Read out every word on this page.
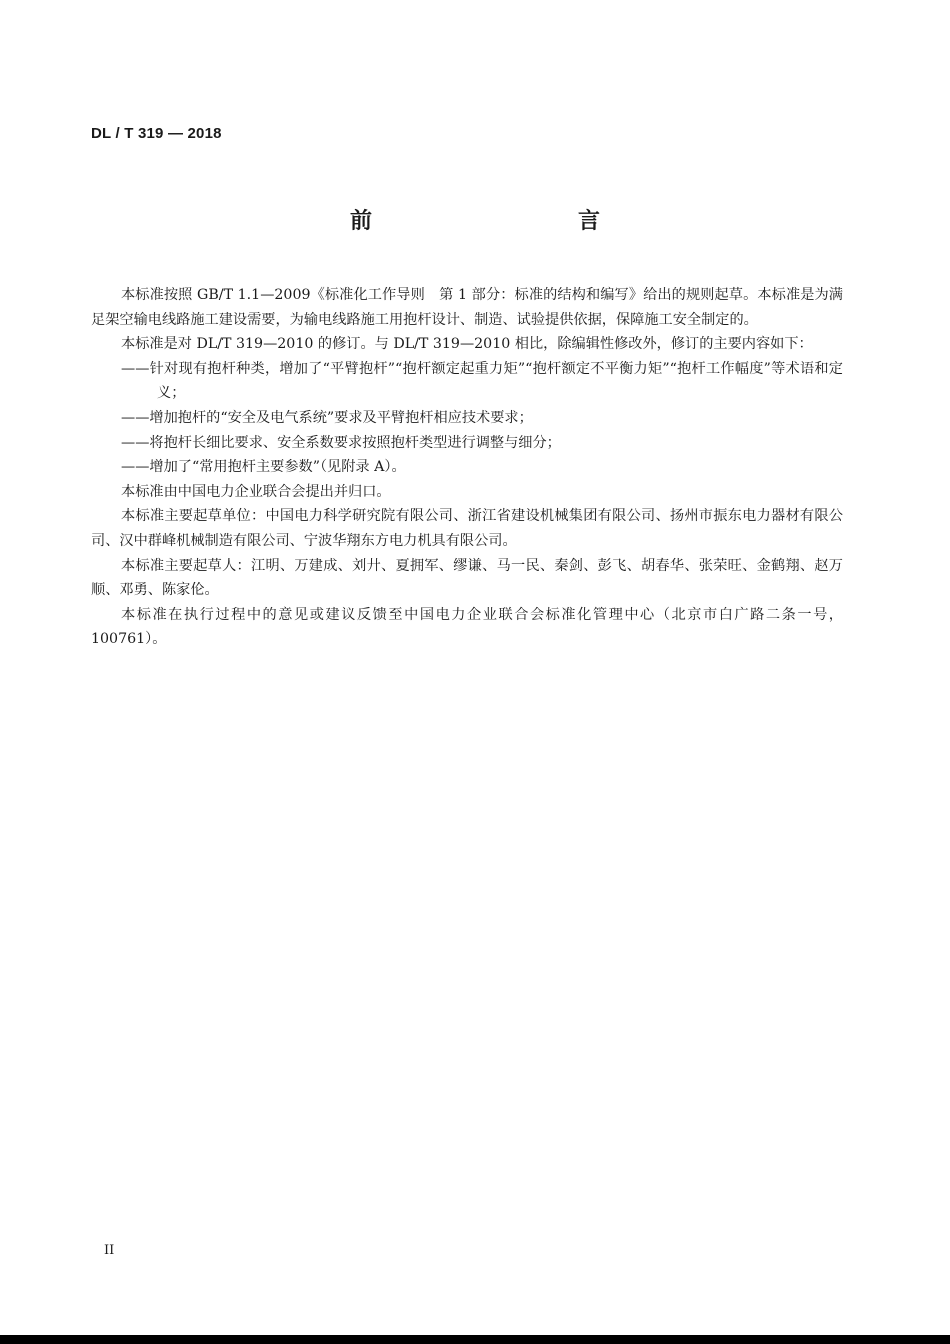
DL / T 319 — 2018
前　　言

本标准按照 GB/T 1.1—2009《标准化工作导则　第 1 部分：标准的结构和编写》给出的规则起草。本标准是为满足架空输电线路施工建设需要，为输电线路施工用抱杆设计、制造、试验提供依据，保障施工安全制定的。

本标准是对 DL/T 319—2010 的修订。与 DL/T 319—2010 相比，除编辑性修改外，修订的主要内容如下：

——针对现有抱杆种类，增加了“平臂抱杆”“抱杆额定起重力矩”“抱杆额定不平衡力矩”“抱杆工作幅度”等术语和定义；

——增加抱杆的“安全及电气系统”要求及平臂抱杆相应技术要求；

——将抱杆长细比要求、安全系数要求按照抱杆类型进行调整与细分；

——增加了“常用抱杆主要参数”（见附录 A）。

本标准由中国电力企业联合会提出并归口。

本标准主要起草单位：中国电力科学研究院有限公司、浙江省建设机械集团有限公司、扬州市振东电力器材有限公司、汉中群峰机械制造有限公司、宁波华翔东方电力机具有限公司。

本标准主要起草人：江明、万建成、刘廾、夏拥军、缪谦、马一民、秦剑、彭飞、胡春华、张荣旺、金鹤翔、赵万顺、邓勇、陈家伦。

本标准在执行过程中的意见或建议反馈至中国电力企业联合会标准化管理中心（北京市白广路二条一号，100761）。

II
